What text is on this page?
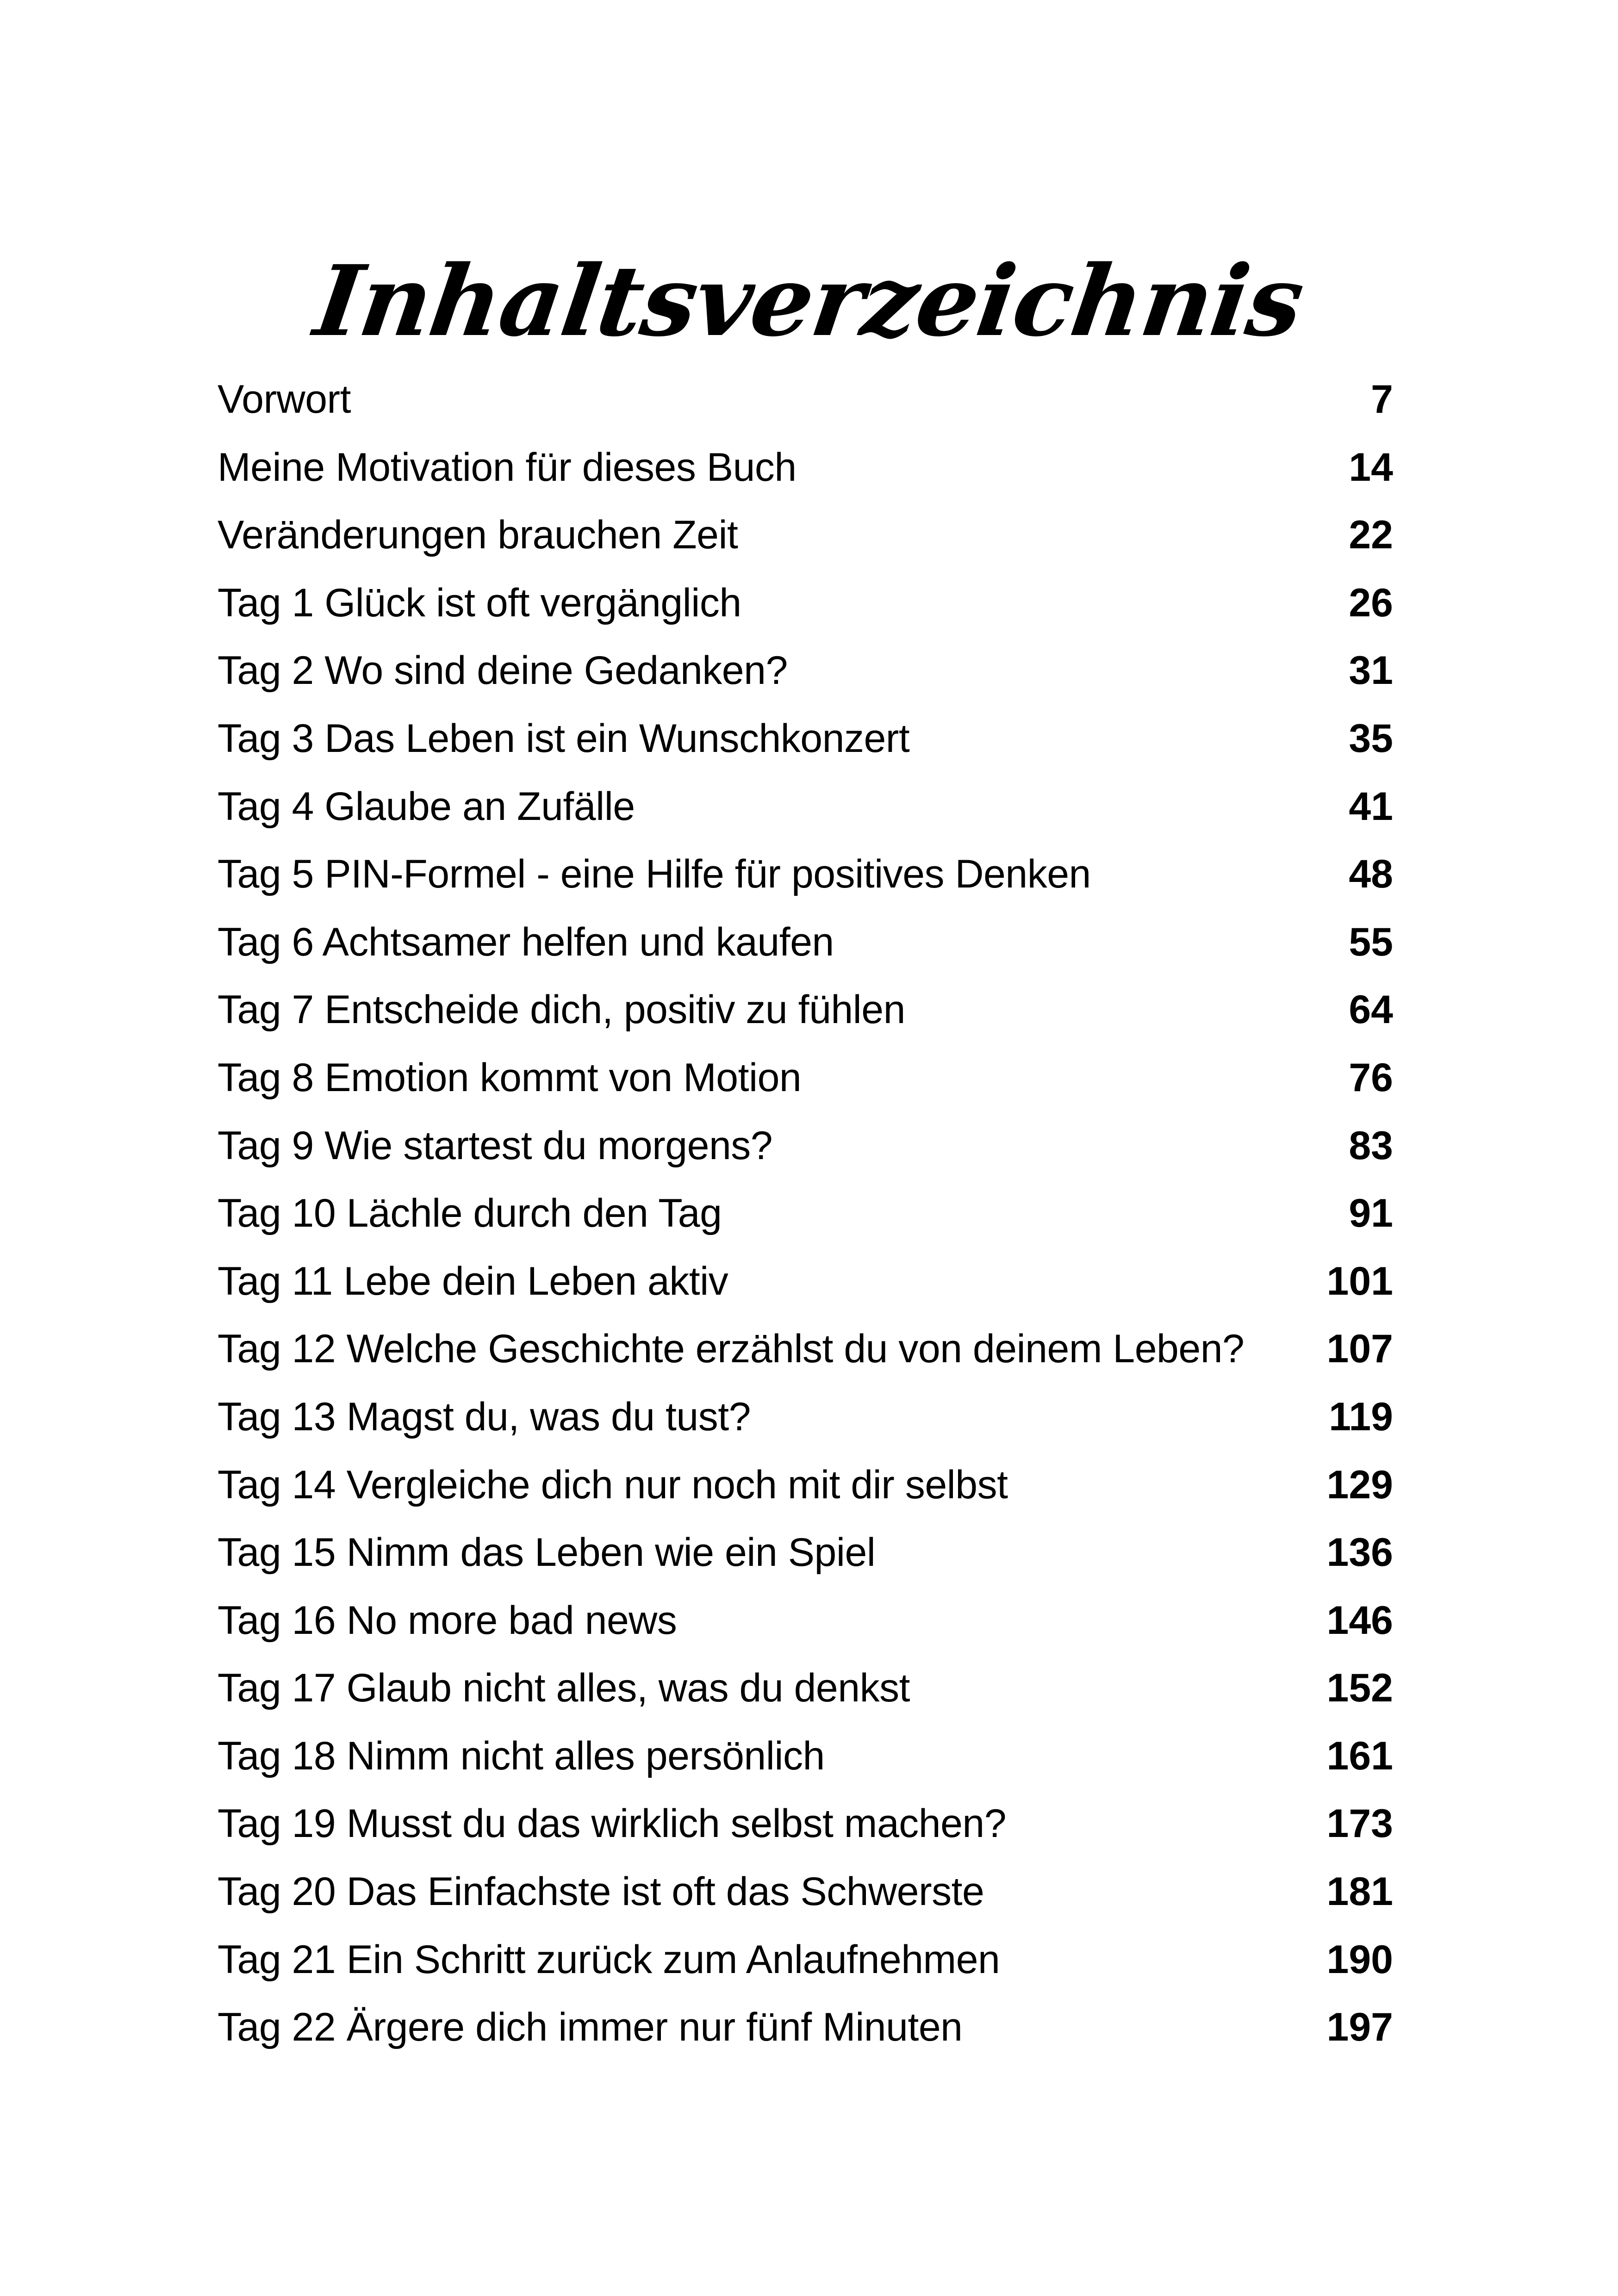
Inhaltsverzeichnis
Vorwort	7
Meine Motivation für dieses Buch	14
Veränderungen brauchen Zeit	22
Tag 1 Glück ist oft vergänglich	26
Tag 2 Wo sind deine Gedanken?	31
Tag 3 Das Leben ist ein Wunschkonzert	35
Tag 4 Glaube an Zufälle	41
Tag 5 PIN-Formel - eine Hilfe für positives Denken	48
Tag 6 Achtsamer helfen und kaufen	55
Tag 7 Entscheide dich, positiv zu fühlen	64
Tag 8 Emotion kommt von Motion	76
Tag 9 Wie startest du morgens?	83
Tag 10 Lächle durch den Tag	91
Tag 11 Lebe dein Leben aktiv	101
Tag 12 Welche Geschichte erzählst du von deinem Leben? 107
Tag 13 Magst du, was du tust?	119
Tag 14 Vergleiche dich nur noch mit dir selbst	129
Tag 15 Nimm das Leben wie ein Spiel	136
Tag 16 No more bad news	146
Tag 17 Glaub nicht alles, was du denkst	152
Tag 18 Nimm nicht alles persönlich	161
Tag 19 Musst du das wirklich selbst machen?	173
Tag 20 Das Einfachste ist oft das Schwerste	181
Tag 21 Ein Schritt zurück zum Anlaufnehmen	190
Tag 22 Ärgere dich immer nur fünf Minuten	197
